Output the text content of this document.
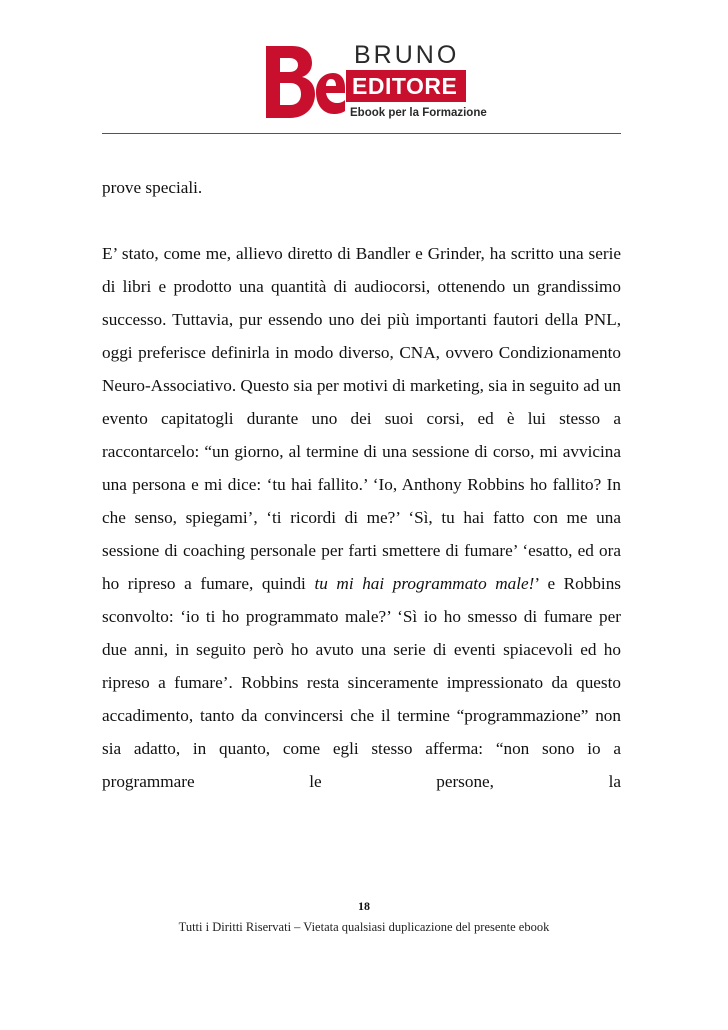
Be	BRUNO
EDITORE
Ebook per la Formazione

prove speciali.

E’ stato, come me, allievo diretto di Bandler e Grinder, ha scritto una serie di libri e prodotto una quantità di audiocorsi, ottenendo un grandissimo successo. Tuttavia, pur essendo uno dei più importanti fautori della PNL, oggi preferisce definirla in modo diverso, CNA, ovvero Condizionamento Neuro-Associativo. Questo sia per motivi di marketing, sia in seguito ad un evento capitatogli durante uno dei suoi corsi, ed è lui stesso a raccontarcelo: “un giorno, al termine di una sessione di corso, mi avvicina una persona e mi dice: ‘tu hai fallito.’ ‘Io, Anthony Robbins ho fallito? In che senso, spiegami’, ‘ti ricordi di me?’ ‘Sì, tu hai fatto con me una sessione di coaching personale per farti smettere di fumare’ ‘esatto, ed ora ho ripreso a fumare, quindi tu mi hai programmato male!’ e Robbins sconvolto: ‘io ti ho programmato male?’ ‘Sì io ho smesso di fumare per due anni, in seguito però ho avuto una serie di eventi spiacevoli ed ho ripreso a fumare’. Robbins resta sinceramente impressionato da questo accadimento, tanto da convincersi che il termine “programmazione” non sia adatto, in quanto, come egli stesso afferma: “non sono io a programmare le persone, la

18
Tutti i Diritti Riservati – Vietata qualsiasi duplicazione del presente ebook
